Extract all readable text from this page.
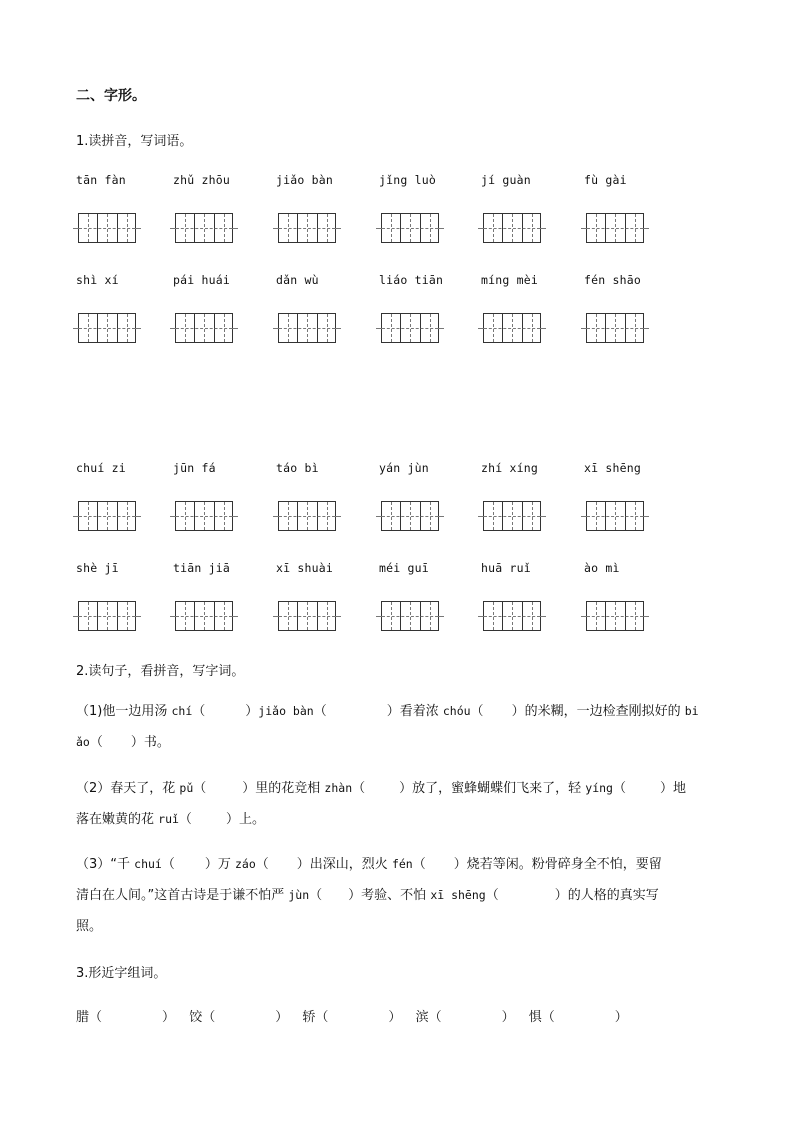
二、字形。
1.读拼音，写词语。
tān fàn	zhǔ zhōu	jiǎo bàn	jǐng luò	jí guàn	fù gài
shì xí	pái huái	dǎn wù	liáo tiān	míng mèi	fén shāo
chuí zi	jūn fá	táo bì	yán jùn	zhí xíng	xī shēng
shè jī	tiān jiā	xī shuài	méi guī	huā ruǐ	ào mì
2.读句子，看拼音，写字词。
（1)他一边用汤 chí（	）jiǎo bàn（	）看着浓 chóu（ ）的米糊，一边检查刚拟好的 bi
ǎo（ ）书。
（2）春天了，花 pǔ（	）里的花竞相 zhàn（	）放了，蜜蜂蝴蝶们飞来了，轻 yíng（	）地
落在嫩黄的花 ruǐ（	）上。
（3）“千 chuí（ ）万 záo（ ）出深山，烈火 fén（ ）烧若等闲。粉骨碎身全不怕，要留
清白在人间。”这首古诗是于谦不怕严 jùn（ ）考验、不怕 xī shēng（	）的人格的真实写
照。
3.形近字组词。
腊（	） 饺（	） 轿（	） 滨（	） 惧（	）
